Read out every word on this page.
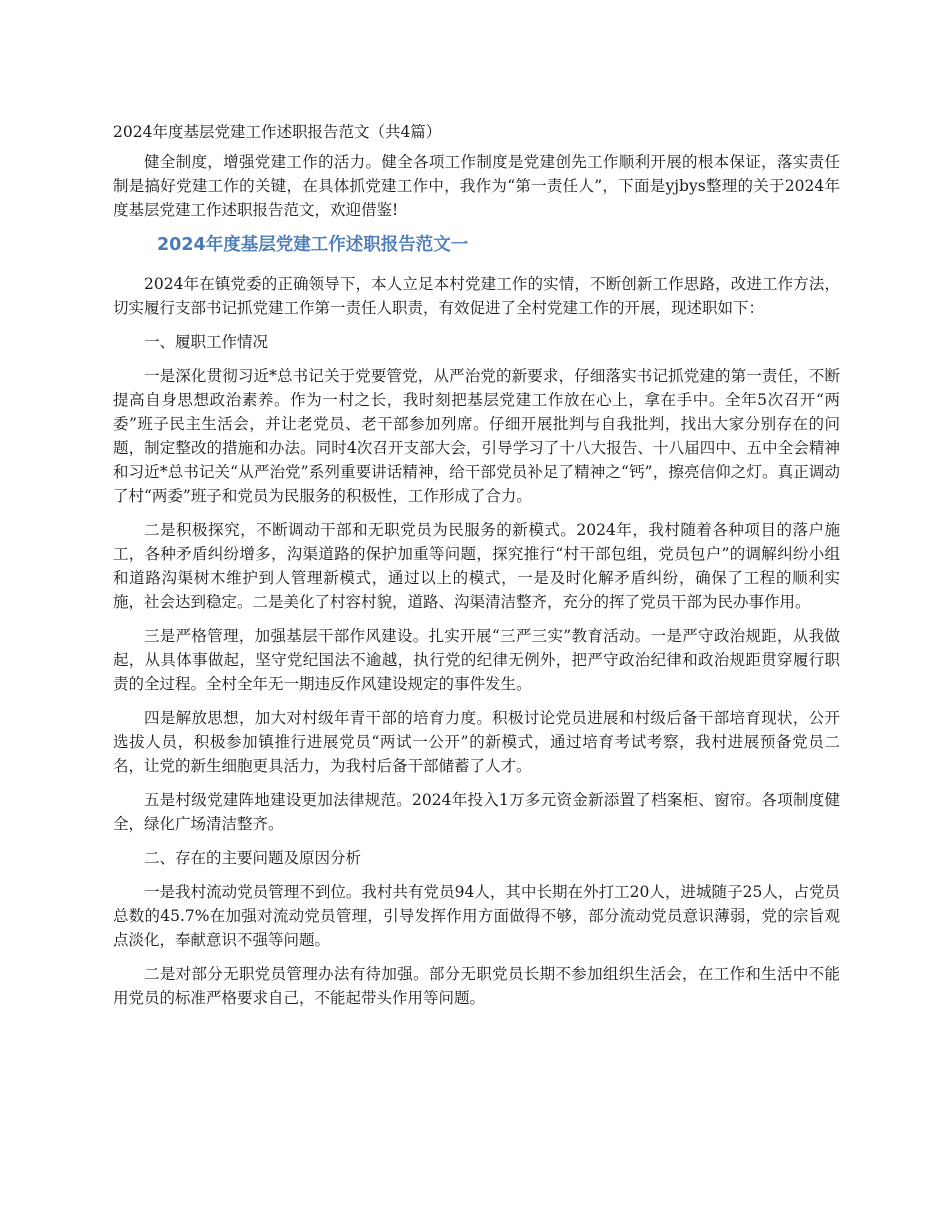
2024年度基层党建工作述职报告范文（共4篇）

健全制度，增强党建工作的活力。健全各项工作制度是党建创先工作顺利开展的根本保证，落实责任制是搞好党建工作的关键，在具体抓党建工作中，我作为“第一责任人”，下面是yjbys整理的关于2024年度基层党建工作述职报告范文，欢迎借鉴!

2024年度基层党建工作述职报告范文一

2024年在镇党委的正确领导下，本人立足本村党建工作的实情，不断创新工作思路，改进工作方法，切实履行支部书记抓党建工作第一责任人职责，有效促进了全村党建工作的开展，现述职如下：

一、履职工作情况

一是深化贯彻习近*总书记关于党要管党，从严治党的新要求，仔细落实书记抓党建的第一责任，不断提高自身思想政治素养。作为一村之长，我时刻把基层党建工作放在心上，拿在手中。全年5次召开“两委”班子民主生活会，并让老党员、老干部参加列席。仔细开展批判与自我批判，找出大家分别存在的问题，制定整改的措施和办法。同时4次召开支部大会，引导学习了十八大报告、十八届四中、五中全会精神和习近*总书记关“从严治党”系列重要讲话精神，给干部党员补足了精神之“钙”，擦亮信仰之灯。真正调动了村“两委”班子和党员为民服务的积极性，工作形成了合力。

二是积极探究，不断调动干部和无职党员为民服务的新模式。2024年，我村随着各种项目的落户施工，各种矛盾纠纷增多，沟渠道路的保护加重等问题，探究推行“村干部包组，党员包户”的调解纠纷小组和道路沟渠树木维护到人管理新模式，通过以上的模式，一是及时化解矛盾纠纷，确保了工程的顺利实施，社会达到稳定。二是美化了村容村貌，道路、沟渠清洁整齐，充分的挥了党员干部为民办事作用。

三是严格管理，加强基层干部作风建设。扎实开展“三严三实”教育活动。一是严守政治规距，从我做起，从具体事做起，坚守党纪国法不逾越，执行党的纪律无例外，把严守政治纪律和政治规距贯穿履行职责的全过程。全村全年无一期违反作风建设规定的事件发生。

四是解放思想，加大对村级年青干部的培育力度。积极讨论党员进展和村级后备干部培育现状，公开选拔人员，积极参加镇推行进展党员“两试一公开”的新模式，通过培育考试考察，我村进展预备党员二名，让党的新生细胞更具活力，为我村后备干部储蓄了人才。

五是村级党建阵地建设更加法律规范。2024年投入1万多元资金新添置了档案柜、窗帘。各项制度健全，绿化广场清洁整齐。

二、存在的主要问题及原因分析

一是我村流动党员管理不到位。我村共有党员94人，其中长期在外打工20人，进城随子25人，占党员总数的45.7%在加强对流动党员管理，引导发挥作用方面做得不够，部分流动党员意识薄弱，党的宗旨观点淡化，奉献意识不强等问题。

二是对部分无职党员管理办法有待加强。部分无职党员长期不参加组织生活会，在工作和生活中不能用党员的标准严格要求自己，不能起带头作用等问题。
